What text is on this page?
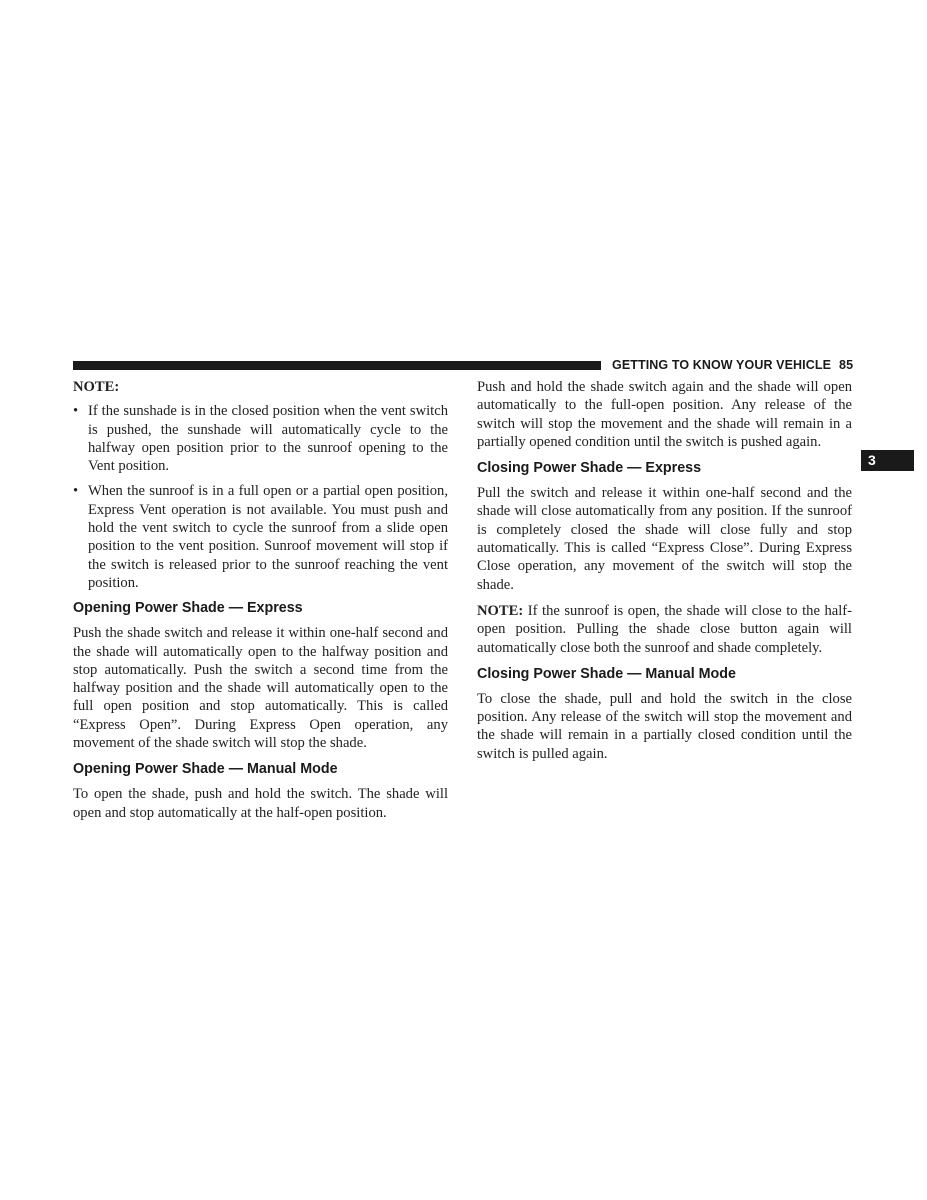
GETTING TO KNOW YOUR VEHICLE 85
3
NOTE:
• If the sunshade is in the closed position when the vent switch is pushed, the sunshade will automatically cycle to the halfway open position prior to the sunroof opening to the Vent position.
• When the sunroof is in a full open or a partial open position, Express Vent operation is not available. You must push and hold the vent switch to cycle the sunroof from a slide open position to the vent position. Sunroof movement will stop if the switch is released prior to the sunroof reaching the vent position.
Opening Power Shade — Express

Push the shade switch and release it within one-half second and the shade will automatically open to the halfway position and stop automatically. Push the switch a second time from the halfway position and the shade will automatically open to the full open position and stop automatically. This is called “Express Open”. During Express Open operation, any movement of the shade switch will stop the shade.

Opening Power Shade — Manual Mode

To open the shade, push and hold the switch. The shade will open and stop automatically at the half-open position.

Push and hold the shade switch again and the shade will open automatically to the full-open position. Any release of the switch will stop the movement and the shade will remain in a partially opened condition until the switch is pushed again.

Closing Power Shade — Express

Pull the switch and release it within one-half second and the shade will close automatically from any position. If the sunroof is completely closed the shade will close fully and stop automatically. This is called “Express Close”. During Express Close operation, any movement of the switch will stop the shade.

NOTE: If the sunroof is open, the shade will close to the half-open position. Pulling the shade close button again will automatically close both the sunroof and shade completely.

Closing Power Shade — Manual Mode

To close the shade, pull and hold the switch in the close position. Any release of the switch will stop the movement and the shade will remain in a partially closed condition until the switch is pulled again.
